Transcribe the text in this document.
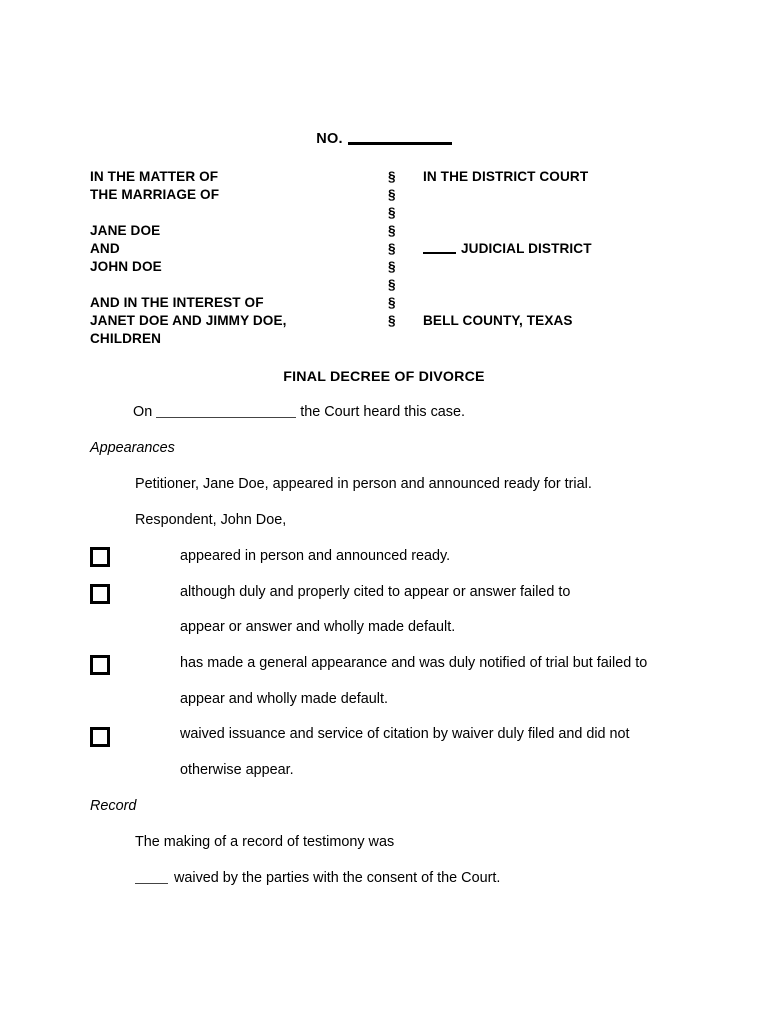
NO.
IN THE MATTER OF	§	IN THE DISTRICT COURT
THE MARRIAGE OF	§
§
JANE DOE	§
AND	§	JUDICIAL DISTRICT
JOHN DOE	§
§
AND IN THE INTEREST OF	§
JANET DOE AND JIMMY DOE,	§	BELL COUNTY, TEXAS
CHILDREN
FINAL DECREE OF DIVORCE
On	the Court heard this case.
Appearances
Petitioner, Jane Doe, appeared in person and announced ready for trial.
Respondent, John Doe,
appeared in person and announced ready.
although duly and properly cited to appear or answer failed to
appear or answer and wholly made default.
has made a general appearance and was duly notified of trial but failed to
appear and wholly made default.
waived issuance and service of citation by waiver duly filed and did not
otherwise appear.
Record
The making of a record of testimony was
waived by the parties with the consent of the Court.
